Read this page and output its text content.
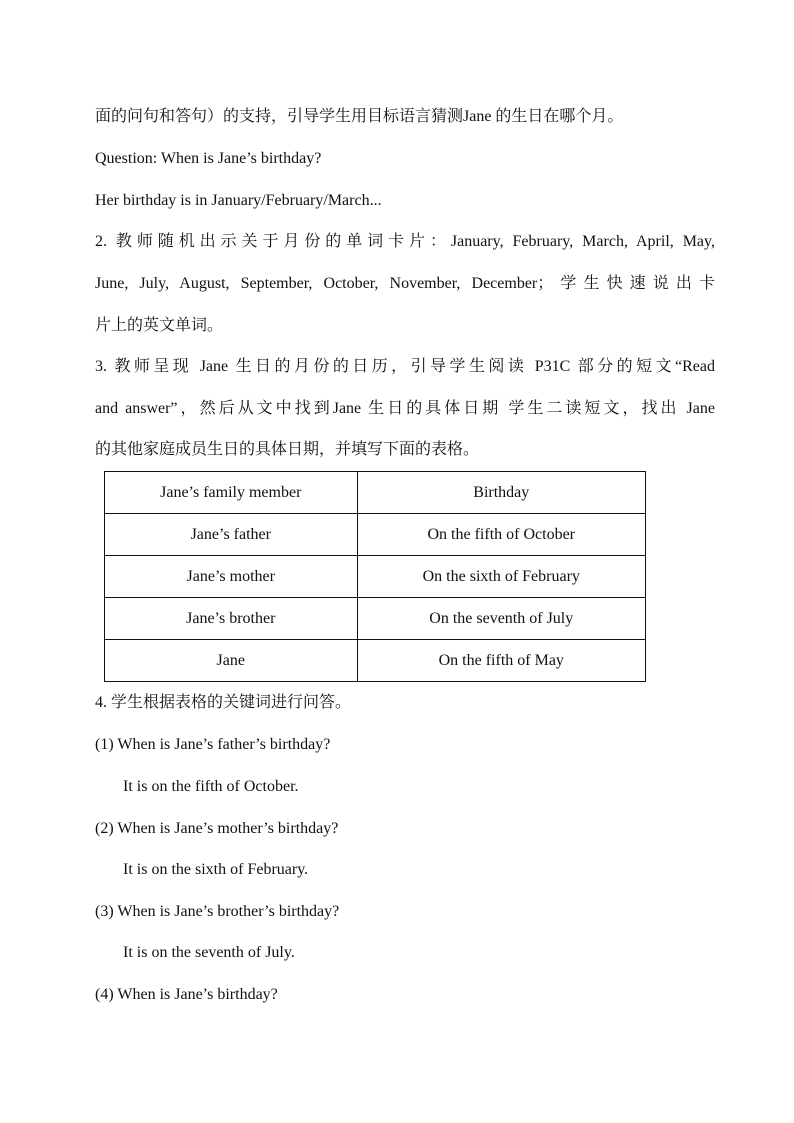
面的问句和答句）的支持，引导学生用目标语言猜测Jane 的生日在哪个月。
Question: When is Jane’s birthday?
Her birthday is in January/February/March...
2. 教师随机出示关于月份的单词卡片：January, February, March, April, May,
June, July, August, September, October, November, December；学生快速说出卡
片上的英文单词。
3. 教师呈现 Jane 生日的月份的日历，引导学生阅读 P31C 部分的短文“Read
and answer”，然后从文中找到Jane 生日的具体日期 学生二读短文，找出 Jane
的其他家庭成员生日的具体日期，并填写下面的表格。
Jane’s family member	Birthday
Jane’s father	On the fifth of October
Jane’s mother	On the sixth of February
Jane’s brother	On the seventh of July
Jane	On the fifth of May
4. 学生根据表格的关键词进行问答。
(1) When is Jane’s father’s birthday?
It is on the fifth of October.
(2) When is Jane’s mother’s birthday?
It is on the sixth of February.
(3) When is Jane’s brother’s birthday?
It is on the seventh of July.
(4) When is Jane’s birthday?
